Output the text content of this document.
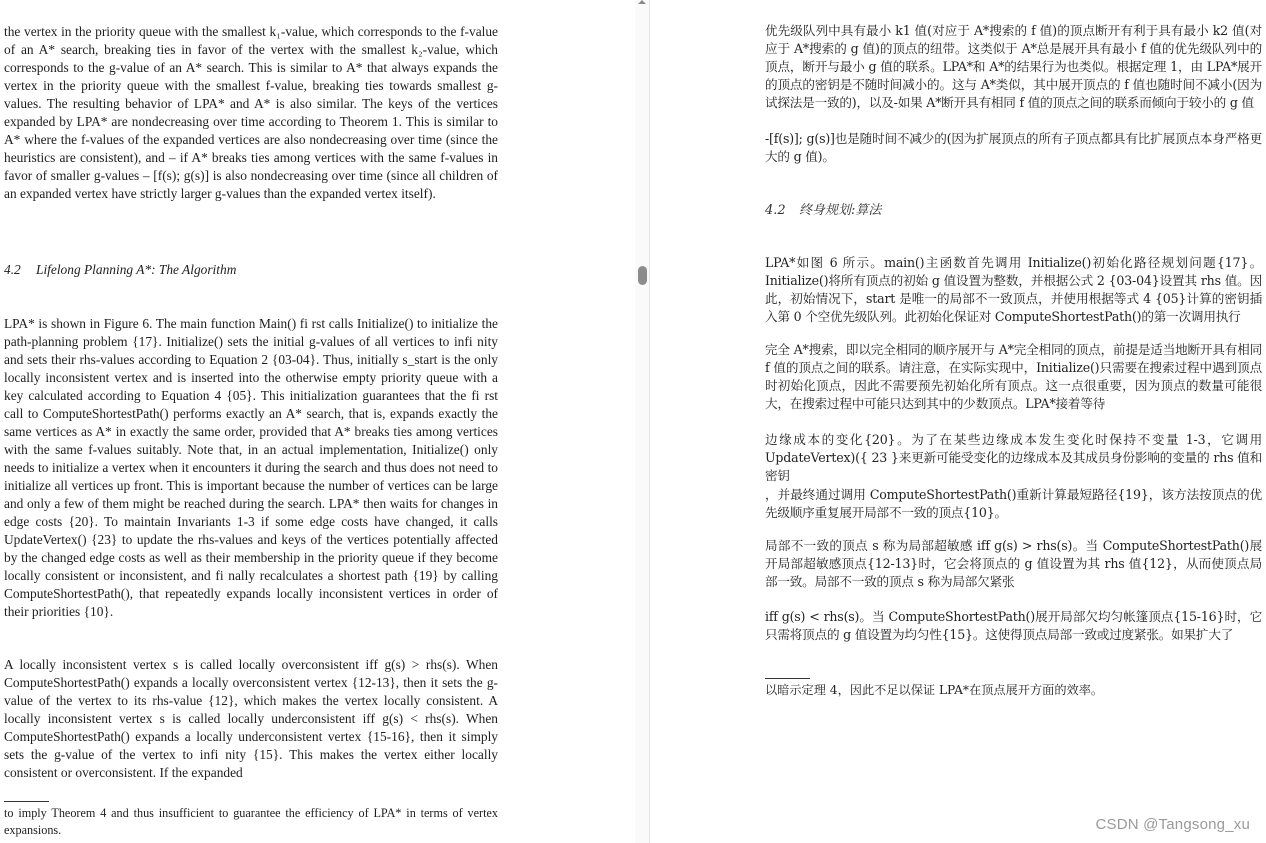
the vertex in the priority queue with the smallest k₁-value, which corresponds to the f-value of an A* search, breaking ties in favor of the vertex with the smallest k₂-value, which corresponds to the g-value of an A* search. This is similar to A* that always expands the vertex in the priority queue with the smallest f-value, breaking ties towards smallest g-values. The resulting behavior of LPA* and A* is also similar. The keys of the vertices expanded by LPA* are nondecreasing over time according to Theorem 1. This is similar to A* where the f-values of the expanded vertices are also nondecreasing over time (since the heuristics are consistent), and – if A* breaks ties among vertices with the same f-values in favor of smaller g-values – [f(s); g(s)] is also nondecreasing over time (since all children of an expanded vertex have strictly larger g-values than the expanded vertex itself).

4.2 Lifelong Planning A*: The Algorithm

LPA* is shown in Figure 6. The main function Main() fi rst calls Initialize() to initialize the path-planning problem {17}. Initialize() sets the initial g-values of all vertices to infi nity and sets their rhs-values according to Equation 2 {03-04}. Thus, initially s_start is the only locally inconsistent vertex and is inserted into the otherwise empty priority queue with a key calculated according to Equation 4 {05}. This initialization guarantees that the fi rst call to ComputeShortestPath() performs exactly an A* search, that is, expands exactly the same vertices as A* in exactly the same order, provided that A* breaks ties among vertices with the same f-values suitably. Note that, in an actual implementation, Initialize() only needs to initialize a vertex when it encounters it during the search and thus does not need to initialize all vertices up front. This is important because the number of vertices can be large and only a few of them might be reached during the search. LPA* then waits for changes in edge costs {20}. To maintain Invariants 1-3 if some edge costs have changed, it calls UpdateVertex() {23} to update the rhs-values and keys of the vertices potentially affected by the changed edge costs as well as their membership in the priority queue if they become locally consistent or inconsistent, and fi nally recalculates a shortest path {19} by calling ComputeShortestPath(), that repeatedly expands locally inconsistent vertices in order of their priorities {10}.

A locally inconsistent vertex s is called locally overconsistent iff g(s) > rhs(s). When ComputeShortestPath() expands a locally overconsistent vertex {12-13}, then it sets the g-value of the vertex to its rhs-value {12}, which makes the vertex locally consistent. A locally inconsistent vertex s is called locally underconsistent iff g(s) < rhs(s). When ComputeShortestPath() expands a locally underconsistent vertex {15-16}, then it simply sets the g-value of the vertex to infi nity {15}. This makes the vertex either locally consistent or overconsistent. If the expanded

to imply Theorem 4 and thus insufficient to guarantee the efficiency of LPA* in terms of vertex expansions.

优先级队列中具有最小 k1 值(对应于 A*搜索的 f 值)的顶点断开有利于具有最小 k2 值(对应于 A*搜索的 g 值)的顶点的纽带。这类似于 A*总是展开具有最小 f 值的优先级队列中的顶点，断开与最小 g 值的联系。LPA*和 A*的结果行为也类似。根据定理 1，由 LPA*展开的顶点的密钥是不随时间减小的。这与 A*类似，其中展开顶点的 f 值也随时间不减小(因为试探法是一致的)，以及-如果 A*断开具有相同 f 值的顶点之间的联系而倾向于较小的 g 值

-[f(s)]; g(s)]也是随时间不减少的(因为扩展顶点的所有子顶点都具有比扩展顶点本身严格更大的 g 值)。

4.2 终身规划:算法

LPA*如图 6 所示。main()主函数首先调用 Initialize()初始化路径规划问题{17}。Initialize()将所有顶点的初始 g 值设置为整数，并根据公式 2 {03-04}设置其 rhs 值。因此，初始情况下，start 是唯一的局部不一致顶点，并使用根据等式 4 {05}计算的密钥插入第 0 个空优先级队列。此初始化保证对 ComputeShortestPath()的第一次调用执行

完全 A*搜索，即以完全相同的顺序展开与 A*完全相同的顶点，前提是适当地断开具有相同 f 值的顶点之间的联系。请注意，在实际实现中，Initialize()只需要在搜索过程中遇到顶点时初始化顶点，因此不需要预先初始化所有顶点。这一点很重要，因为顶点的数量可能很大，在搜索过程中可能只达到其中的少数顶点。LPA*接着等待

边缘成本的变化{20}。为了在某些边缘成本发生变化时保持不变量 1-3，它调用 UpdateVertex)({ 23 }来更新可能受变化的边缘成本及其成员身份影响的变量的 rhs 值和密钥

，并最终通过调用 ComputeShortestPath()重新计算最短路径{19}，该方法按顶点的优先级顺序重复展开局部不一致的顶点{10}。

局部不一致的顶点 s 称为局部超敏感 iff g(s) > rhs(s)。当 ComputeShortestPath()展开局部超敏感顶点{12-13}时，它会将顶点的 g 值设置为其 rhs 值{12}，从而使顶点局部一致。局部不一致的顶点 s 称为局部欠紧张

iff g(s) < rhs(s)。当 ComputeShortestPath()展开局部欠均匀帐篷顶点{15-16}时，它只需将顶点的 g 值设置为均匀性{15}。这使得顶点局部一致或过度紧张。如果扩大了

以暗示定理 4，因此不足以保证 LPA*在顶点展开方面的效率。

CSDN @Tangsong_xu
